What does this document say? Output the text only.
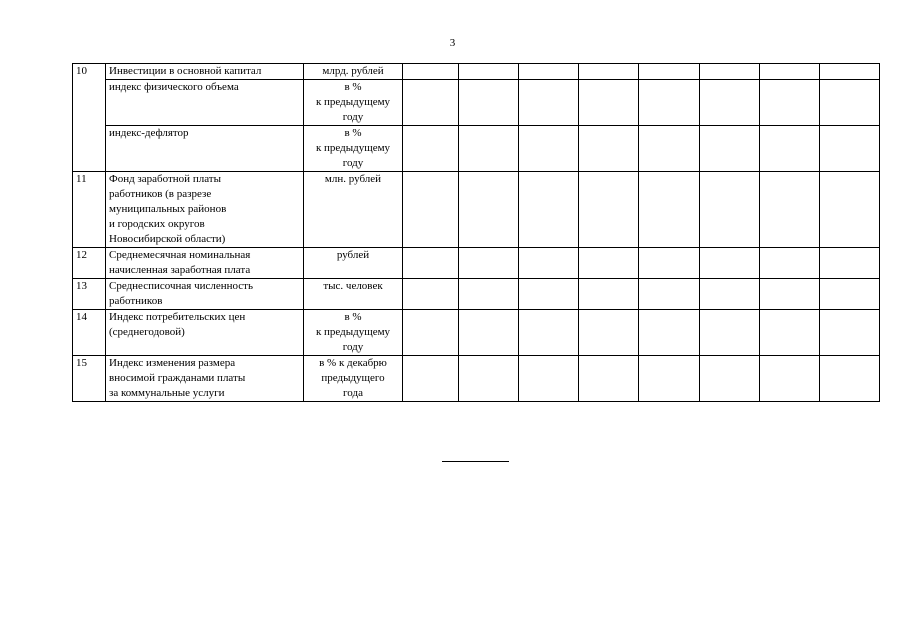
3
10	Инвестиции в основной капитал	млрд. рублей								
	индекс физического объема	в %
к предыдущему
году								
	индекс-дефлятор	в %
к предыдущему
году								
11	Фонд заработной платы
работников (в разрезе
муниципальных районов
и городских округов
Новосибирской области)	млн. рублей								
12	Среднемесячная номинальная
начисленная заработная плата	рублей								
13	Среднесписочная численность
работников	тыс. человек								
14	Индекс потребительских цен
(среднегодовой)	в %
к предыдущему
году								
15	Индекс изменения размера
вносимой гражданами платы
за коммунальные услуги	в % к декабрю
предыдущего
года								
